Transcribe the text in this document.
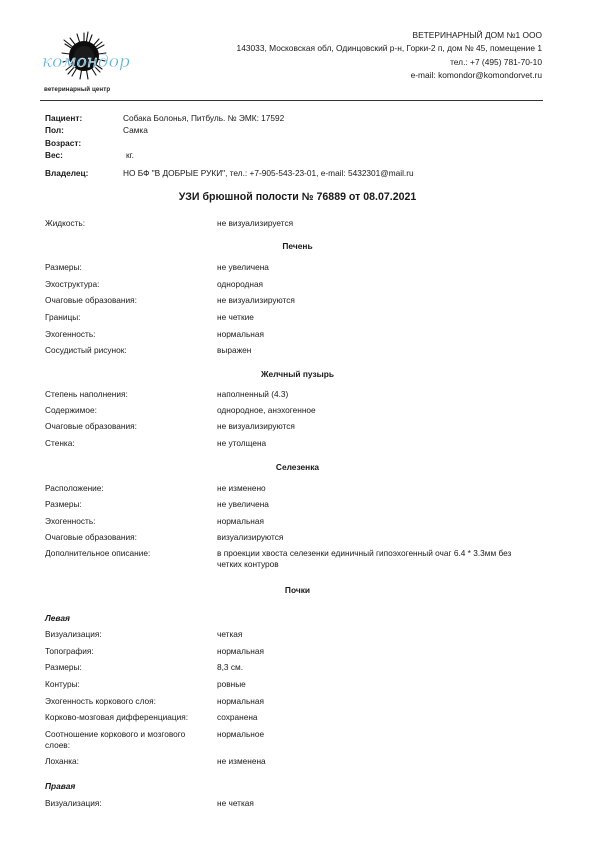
комондор
ветеринарный центр
ВЕТЕРИНАРНЫЙ ДОМ №1 ООО
143033, Московская обл, Одинцовский р-н, Горки-2 п, дом № 45, помещение 1
тел.: +7 (495) 781-70-10
e-mail: komondor@komondorvet.ru
Пациент:	Собака Болонья, Питбуль. № ЭМК: 17592
Пол:	Самка
Возраст:
Вес:	кг.
Владелец:	НО БФ "В ДОБРЫЕ РУКИ", тел.: +7-905-543-23-01, e-mail: 5432301@mail.ru
УЗИ брюшной полости № 76889 от 08.07.2021
Жидкость:	не визуализируется
Печень
Размеры:	не увеличена
Эхоструктура:	однородная
Очаговые образования:	не визуализируются
Границы:	не четкие
Эхогенность:	нормальная
Сосудистый рисунок:	выражен
Желчный пузырь
Степень наполнения:	наполненный (4.3)
Содержимое:	однородное, анэхогенное
Очаговые образования:	не визуализируются
Стенка:	не утолщена
Селезенка
Расположение:	не изменено
Размеры:	не увеличена
Эхогенность:	нормальная
Очаговые образования:	визуализируются
Дополнительное описание:	в проекции хвоста селезенки единичный гипоэхогенный очаг 6.4 * 3.3мм без четких контуров
Почки
Левая
Визуализация:	четкая
Топография:	нормальная
Размеры:	8,3 см.
Контуры:	ровные
Эхогенность коркового слоя:	нормальная
Корково-мозговая дифференциация:	сохранена
Соотношение коркового и мозгового слоев:
нормальное
Лоханка:	не изменена
Правая
Визуализация:	не четкая
